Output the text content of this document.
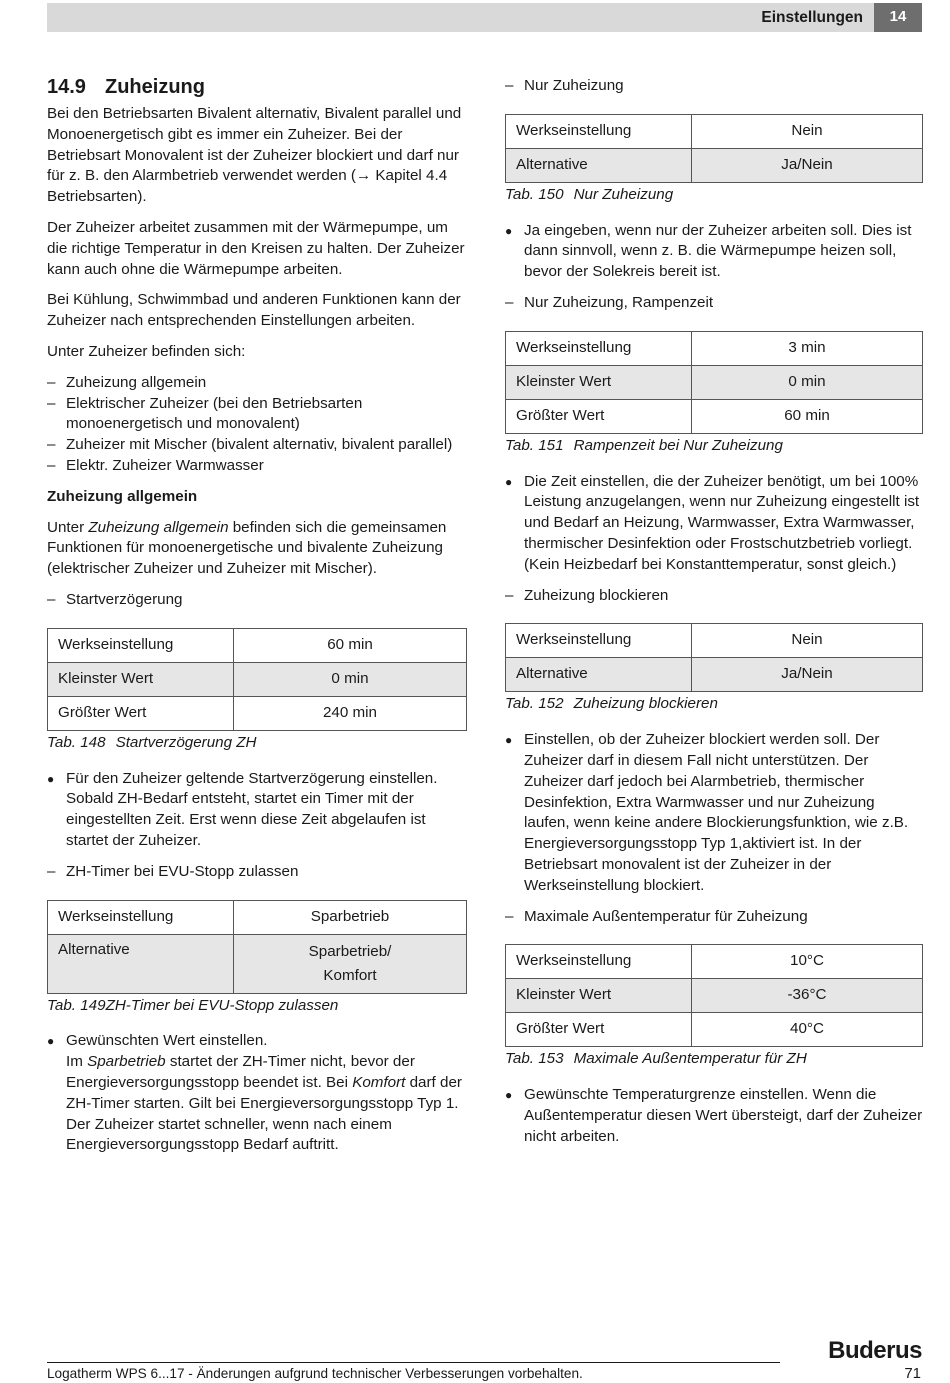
Einstellungen	14
14.9 Zuheizung

Bei den Betriebsarten Bivalent alternativ, Bivalent parallel und Monoenergetisch gibt es immer ein Zuheizer. Bei der Betriebsart Monovalent ist der Zuheizer blockiert und darf nur für z. B. den Alarmbetrieb verwendet werden (→ Kapitel 4.4 Betriebsarten).

Der Zuheizer arbeitet zusammen mit der Wärmepumpe, um die richtige Temperatur in den Kreisen zu halten. Der Zuheizer kann auch ohne die Wärmepumpe arbeiten.

Bei Kühlung, Schwimmbad und anderen Funktionen kann der Zuheizer nach entsprechenden Einstellungen arbeiten.

Unter Zuheizer befinden sich:

– Zuheizung allgemein
– Elektrischer Zuheizer (bei den Betriebsarten monoenergetisch und monovalent)
– Zuheizer mit Mischer (bivalent alternativ, bivalent parallel)
– Elektr. Zuheizer Warmwasser
Zuheizung allgemein

Unter Zuheizung allgemein befinden sich die gemeinsamen Funktionen für monoenergetische und bivalente Zuheizung (elektrischer Zuheizer und Zuheizer mit Mischer).

– Startverzögerung
Werkseinstellung	60 min
Kleinster Wert	0 min
Größter Wert	240 min
Tab. 148 Startverzögerung ZH
● Für den Zuheizer geltende Startverzögerung einstellen. Sobald ZH-Bedarf entsteht, startet ein Timer mit der eingestellten Zeit. Erst wenn diese Zeit abgelaufen ist startet der Zuheizer.
– ZH-Timer bei EVU-Stopp zulassen
Werkseinstellung	Sparbetrieb
Alternative	Sparbetrieb/
Komfort
Tab. 149ZH-Timer bei EVU-Stopp zulassen
● Gewünschten Wert einstellen.
Im Sparbetrieb startet der ZH-Timer nicht, bevor der Energieversorgungsstopp beendet ist. Bei Komfort darf der ZH-Timer starten. Gilt bei Energieversorgungsstopp Typ 1. Der Zuheizer startet schneller, wenn nach einem Energieversorgungsstopp Bedarf auftritt.
– Nur Zuheizung
Werkseinstellung	Nein
Alternative	Ja/Nein
Tab. 150 Nur Zuheizung
● Ja eingeben, wenn nur der Zuheizer arbeiten soll. Dies ist dann sinnvoll, wenn z. B. die Wärmepumpe heizen soll, bevor der Solekreis bereit ist.
– Nur Zuheizung, Rampenzeit
Werkseinstellung	3 min
Kleinster Wert	0 min
Größter Wert	60 min
Tab. 151 Rampenzeit bei Nur Zuheizung
● Die Zeit einstellen, die der Zuheizer benötigt, um bei 100% Leistung anzugelangen, wenn nur Zuheizung eingestellt ist und Bedarf an Heizung, Warmwasser, Extra Warmwasser, thermischer Desinfektion oder Frostschutzbetrieb vorliegt. (Kein Heizbedarf bei Konstanttemperatur, sonst gleich.)
– Zuheizung blockieren
Werkseinstellung	Nein
Alternative	Ja/Nein
Tab. 152 Zuheizung blockieren
● Einstellen, ob der Zuheizer blockiert werden soll. Der Zuheizer darf in diesem Fall nicht unterstützen. Der Zuheizer darf jedoch bei Alarmbetrieb, thermischer Desinfektion, Extra Warmwasser und nur Zuheizung laufen, wenn keine andere Blockierungsfunktion, wie z.B. Energieversorgungsstopp Typ 1,aktiviert ist. In der Betriebsart monovalent ist der Zuheizer in der Werkseinstellung blockiert.
– Maximale Außentemperatur für Zuheizung
Werkseinstellung	10°C
Kleinster Wert	-36°C
Größter Wert	40°C
Tab. 153 Maximale Außentemperatur für ZH
● Gewünschte Temperaturgrenze einstellen. Wenn die Außentemperatur diesen Wert übersteigt, darf der Zuheizer nicht arbeiten.
Buderus
Logatherm WPS 6...17 - Änderungen aufgrund technischer Verbesserungen vorbehalten.	71
